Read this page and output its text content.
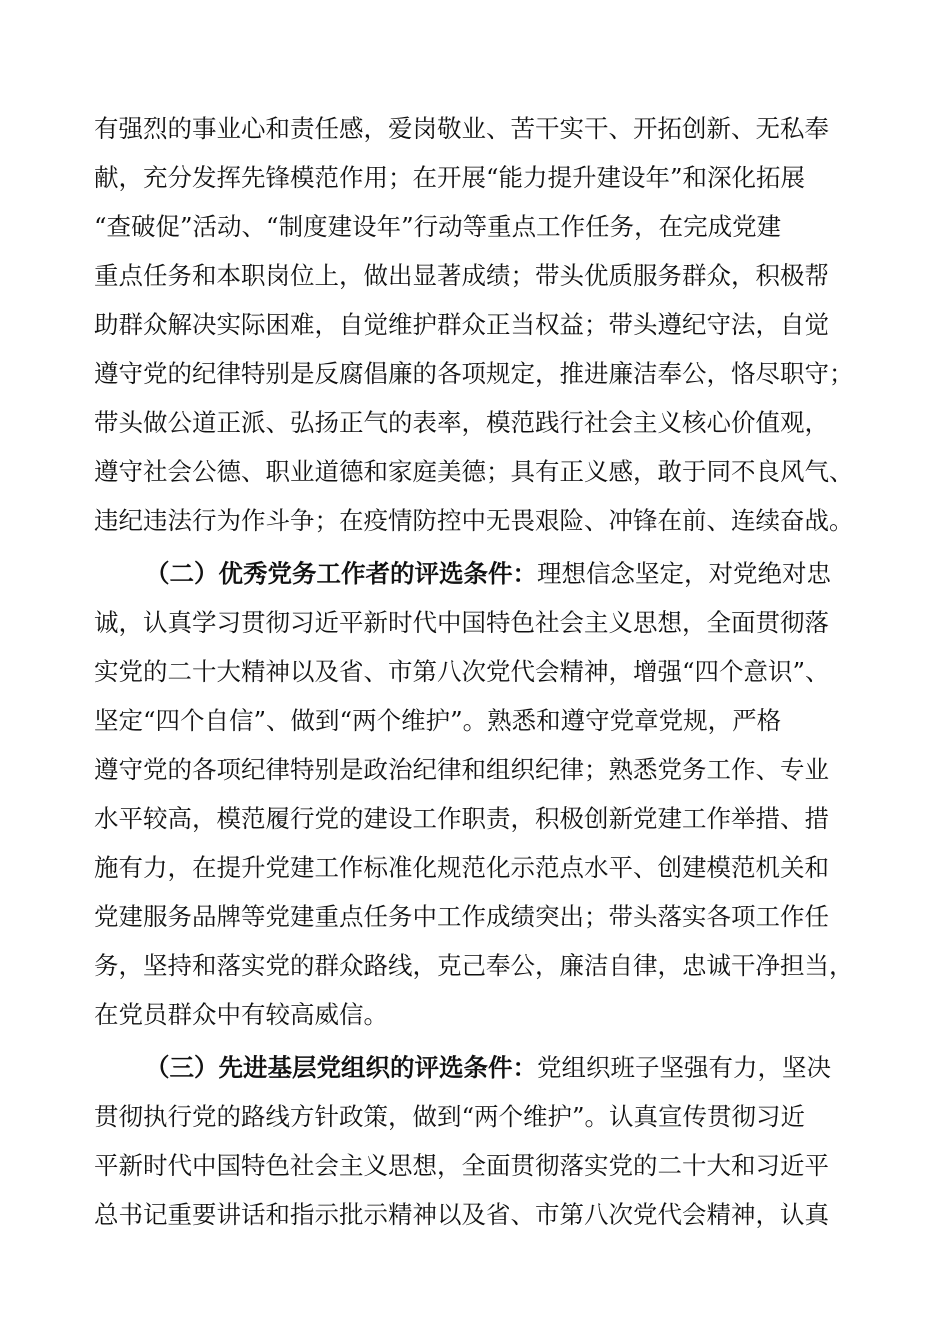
有强烈的事业心和责任感，爱岗敬业、苦干实干、开拓创新、无私奉
献，充分发挥先锋模范作用；在开展“能力提升建设年”和深化拓展
“查破促”活动、“制度建设年”行动等重点工作任务，在完成党建
重点任务和本职岗位上，做出显著成绩；带头优质服务群众，积极帮
助群众解决实际困难，自觉维护群众正当权益；带头遵纪守法，自觉
遵守党的纪律特别是反腐倡廉的各项规定，推进廉洁奉公，恪尽职守；
带头做公道正派、弘扬正气的表率，模范践行社会主义核心价值观，
遵守社会公德、职业道德和家庭美德；具有正义感，敢于同不良风气、
违纪违法行为作斗争；在疫情防控中无畏艰险、冲锋在前、连续奋战。
（二）优秀党务工作者的评选条件：理想信念坚定，对党绝对忠
诚，认真学习贯彻习近平新时代中国特色社会主义思想，全面贯彻落
实党的二十大精神以及省、市第八次党代会精神，增强“四个意识”、
坚定“四个自信”、做到“两个维护”。熟悉和遵守党章党规，严格
遵守党的各项纪律特别是政治纪律和组织纪律；熟悉党务工作、专业
水平较高，模范履行党的建设工作职责，积极创新党建工作举措、措
施有力，在提升党建工作标准化规范化示范点水平、创建模范机关和
党建服务品牌等党建重点任务中工作成绩突出；带头落实各项工作任
务，坚持和落实党的群众路线，克己奉公，廉洁自律，忠诚干净担当，
在党员群众中有较高威信。
（三）先进基层党组织的评选条件：党组织班子坚强有力，坚决
贯彻执行党的路线方针政策，做到“两个维护”。认真宣传贯彻习近
平新时代中国特色社会主义思想，全面贯彻落实党的二十大和习近平
总书记重要讲话和指示批示精神以及省、市第八次党代会精神，认真
